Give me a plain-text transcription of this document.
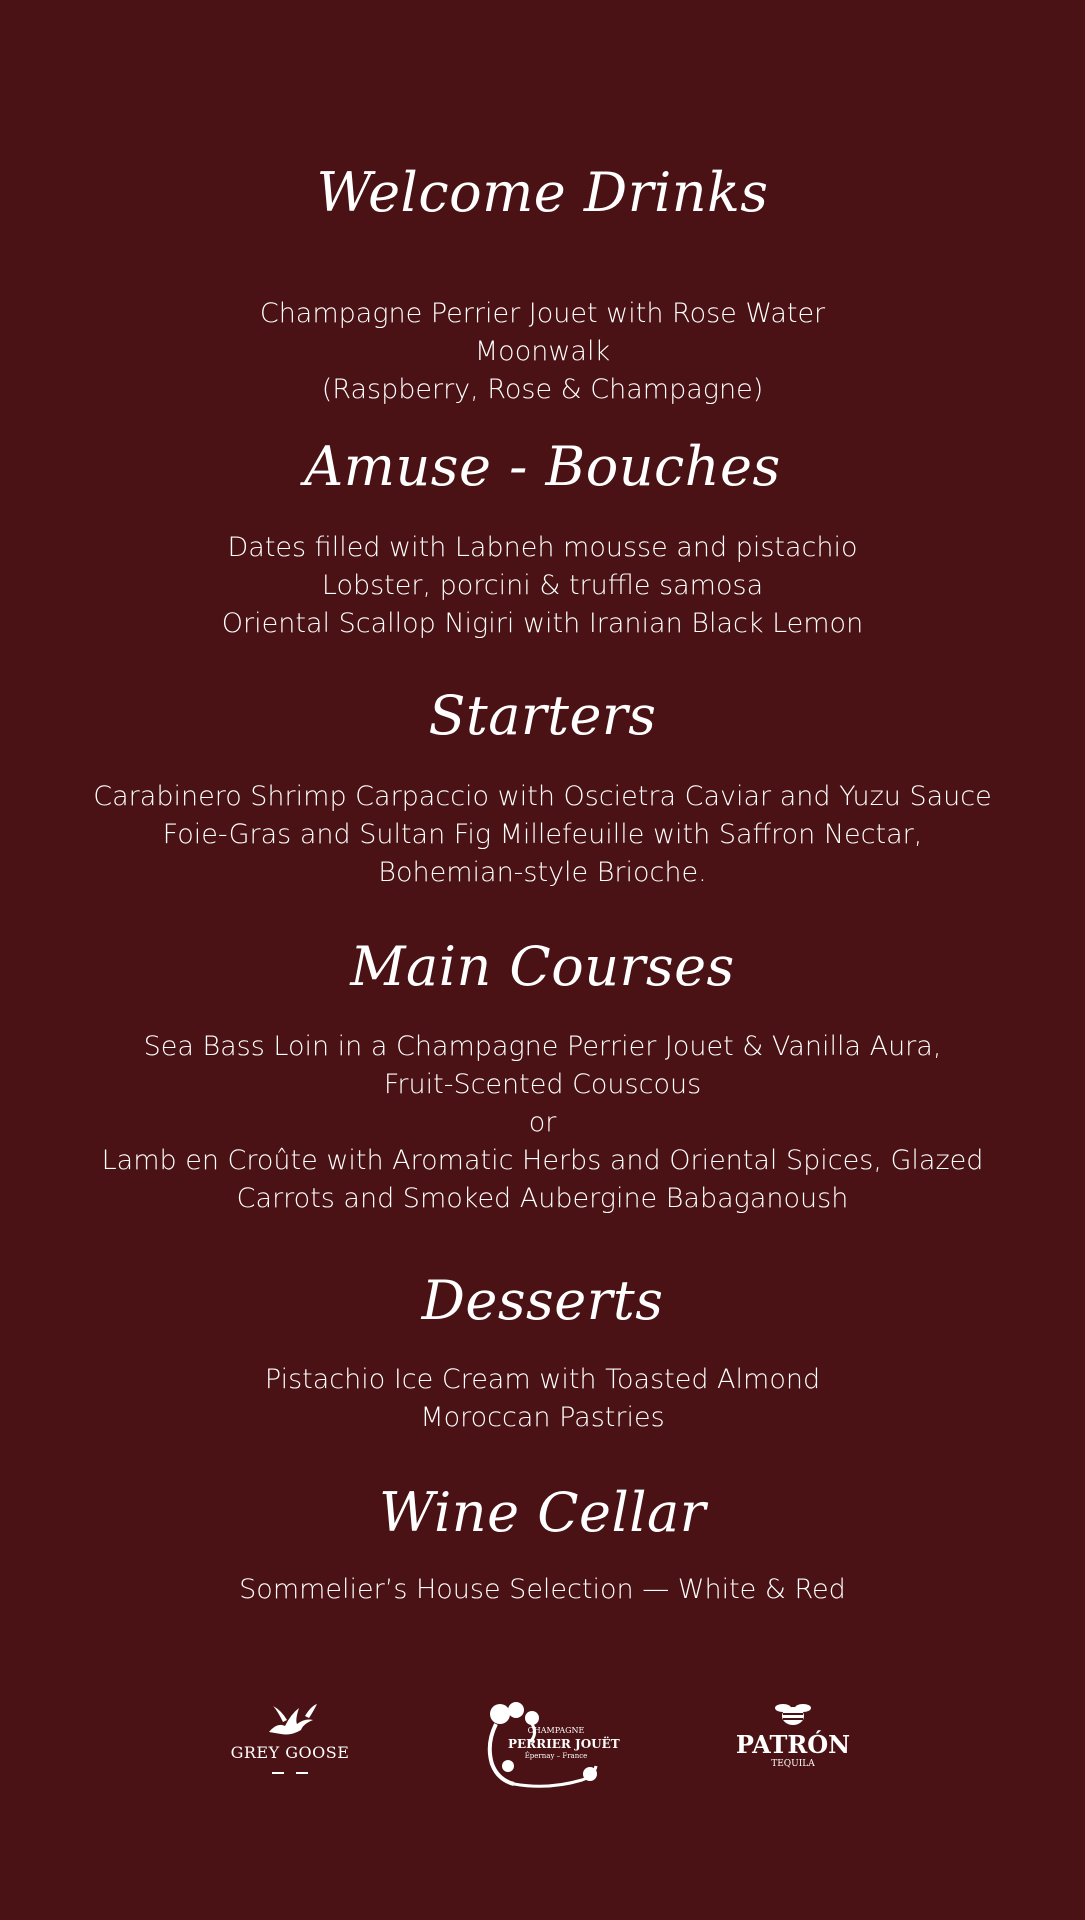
Welcome Drinks
Champagne Perrier Jouet with Rose Water
Moonwalk
(Raspberry, Rose & Champagne)
Amuse - Bouches
Dates filled with Labneh mousse and pistachio
Lobster, porcini & truffle samosa
Oriental Scallop Nigiri with Iranian Black Lemon
Starters
Carabinero Shrimp Carpaccio with Oscietra Caviar and Yuzu Sauce
Foie-Gras and Sultan Fig Millefeuille with Saffron Nectar,
Bohemian-style Brioche.
Main Courses
Sea Bass Loin in a Champagne Perrier Jouet & Vanilla Aura,
Fruit-Scented Couscous
or
Lamb en Croûte with Aromatic Herbs and Oriental Spices, Glazed
Carrots and Smoked Aubergine Babaganoush
Desserts
Pistachio Ice Cream with Toasted Almond
Moroccan Pastries
Wine Cellar
Sommelier’s House Selection — White & Red
GREY GOOSE
CHAMPAGNE
PERRIER JOUËT
Épernay – France	PATRÓN
TEQUILA
